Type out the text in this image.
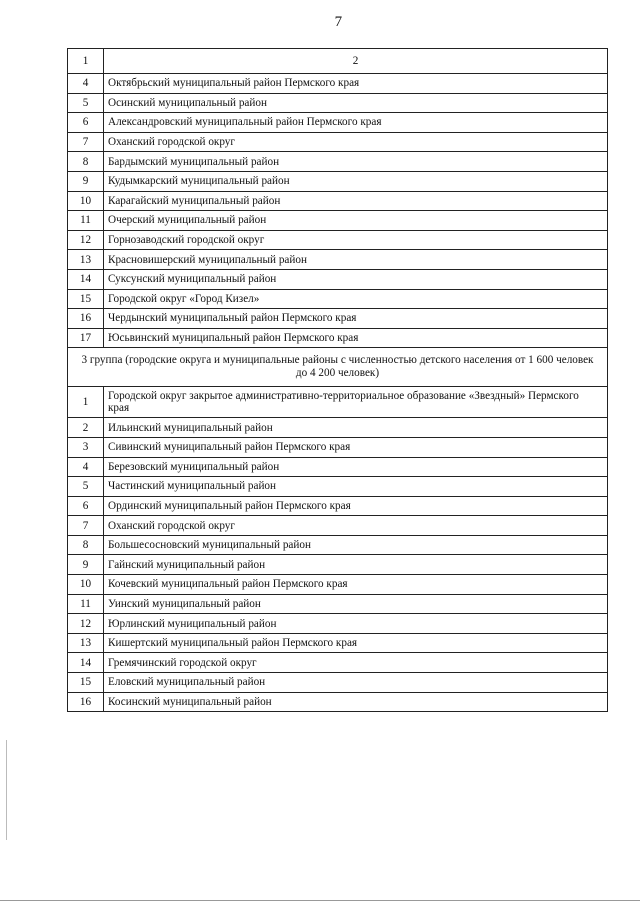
7
1	2
4	Октябрьский муниципальный район Пермского края
5	Осинский муниципальный район
6	Александровский муниципальный район Пермского края
7	Оханский городской округ
8	Бардымский муниципальный район
9	Кудымкарский муниципальный район
10	Карагайский муниципальный район
11	Очерский муниципальный район
12	Горнозаводский городской округ
13	Красновишерский муниципальный район
14	Суксунский муниципальный район
15	Городской округ «Город Кизел»
16	Чердынский муниципальный район Пермского края
17	Юсьвинский муниципальный район Пермского края
3 группа (городские округа и муниципальные районы с численностью детского населения от 1 600 человек до 4 200 человек)	
1	Городской округ закрытое административно-территориальное образование «Звездный» Пермского края
2	Ильинский муниципальный район
3	Сивинский муниципальный район Пермского края
4	Березовский муниципальный район
5	Частинский муниципальный район
6	Ординский муниципальный район Пермского края
7	Оханский городской округ
8	Большесосновский муниципальный район
9	Гайнский муниципальный район
10	Кочевский муниципальный район Пермского края
11	Уинский муниципальный район
12	Юрлинский муниципальный район
13	Кишертский муниципальный район Пермского края
14	Гремячинский городской округ
15	Еловский муниципальный район
16	Косинский муниципальный район
